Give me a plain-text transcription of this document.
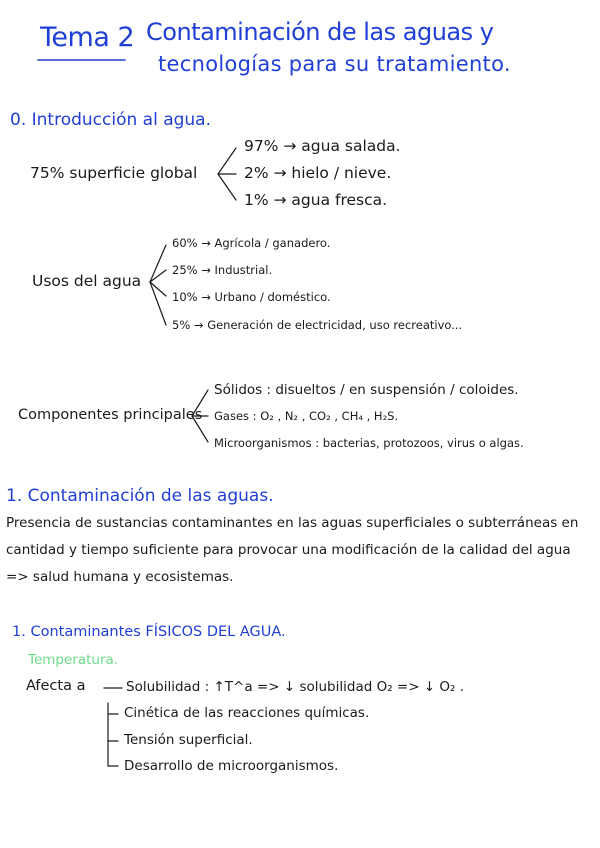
Tema 2 Contaminación de las aguas y
tecnologías para su tratamiento.
0. Introducción al agua.
75% superficie global
97% → agua salada.
2% → hielo / nieve.
1% → agua fresca.
Usos del agua
60% → Agrícola / ganadero.
25% → Industrial.
10% → Urbano / doméstico.
5% → Generación de electricidad, uso recreativo...
Componentes principales
Sólidos : disueltos / en suspensión / coloides.
Gases : O₂ , N₂ , CO₂ , CH₄ , H₂S.
Microorganismos : bacterias, protozoos, virus o algas.
1. Contaminación de las aguas.
Presencia de sustancias contaminantes en las aguas superficiales o subterráneas en cantidad y tiempo suficiente para provocar una modificación de la calidad del agua => salud humana y ecosistemas.
1. Contaminantes FÍSICOS DEL AGUA.
Temperatura.
Afecta a	Solubilidad : ↑T^a => ↓ solubilidad O₂ => ↓ O₂ .
Cinética de las reacciones químicas.
Tensión superficial.
Desarrollo de microorganismos.
